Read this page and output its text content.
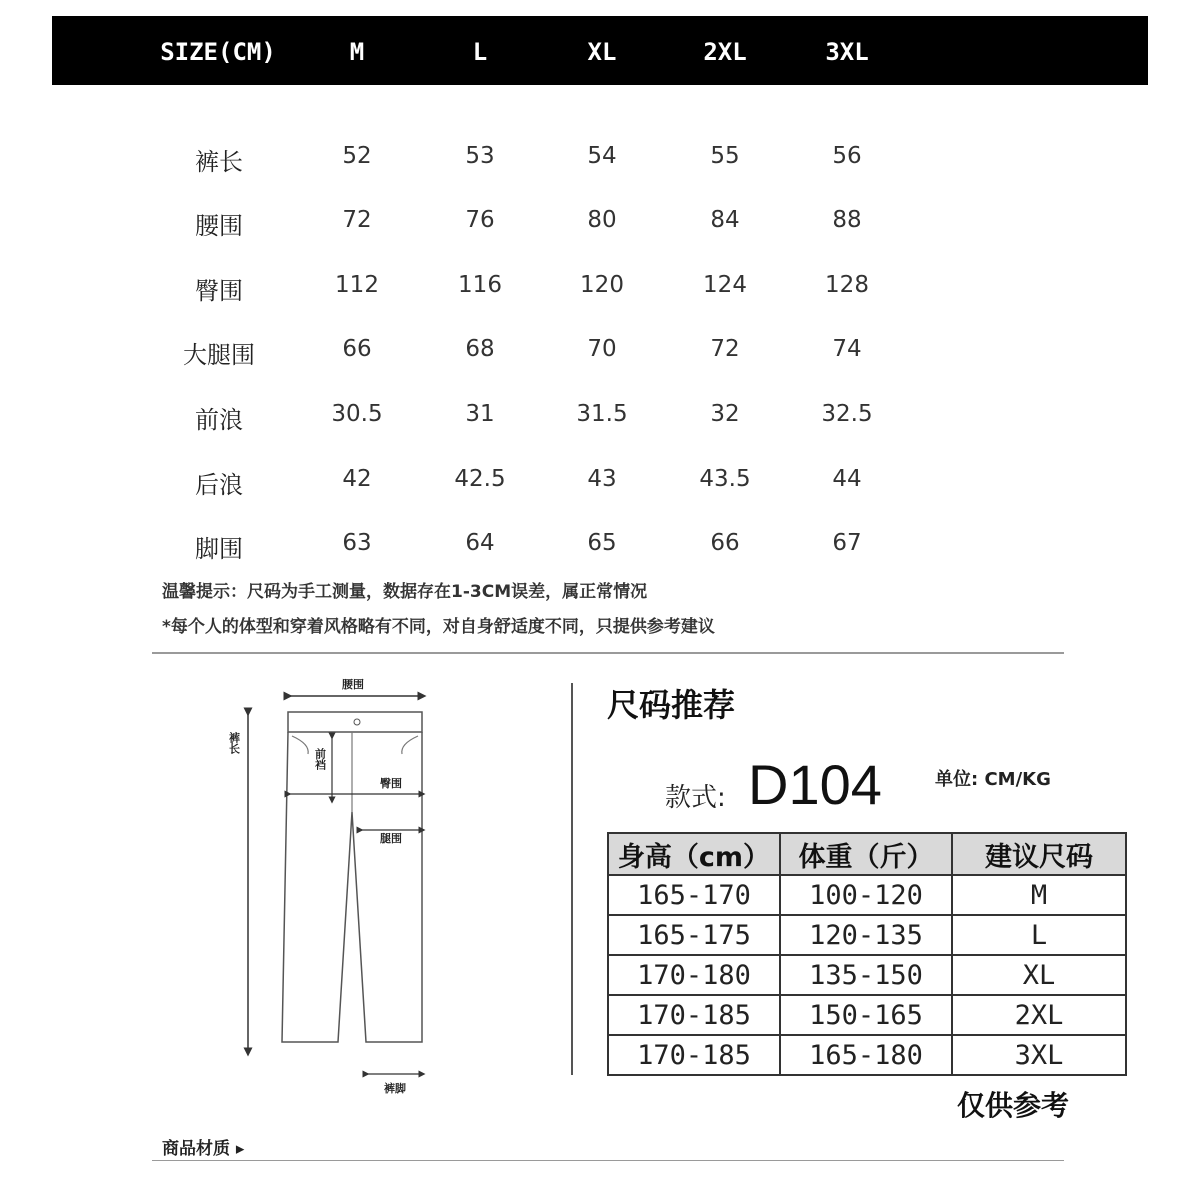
SIZE(CM)	M	L	XL	2XL	3XL
裤长	52	53	54	55	56
腰围	72	76	80	84	88
臀围	112	116	120	124	128
大腿围	66	68	70	72	74
前浪	30.5	31	31.5	32	32.5
后浪	42	42.5	43	43.5	44
脚围	63	64	65	66	67
温馨提示：尺码为手工测量，数据存在1-3CM误差，属正常情况
*每个人的体型和穿着风格略有不同，对自身舒适度不同，只提供参考建议
腰围
裤长
前裆
臀围
腿围
裤脚
尺码推荐
款式: D104	单位: CM/KG
身高（cm）	体重（斤）	建议尺码
165-170	100-120	M
165-175	120-135	L
170-180	135-150	XL
170-185	150-165	2XL
170-185	165-180	3XL
仅供参考
商品材质 ▸
